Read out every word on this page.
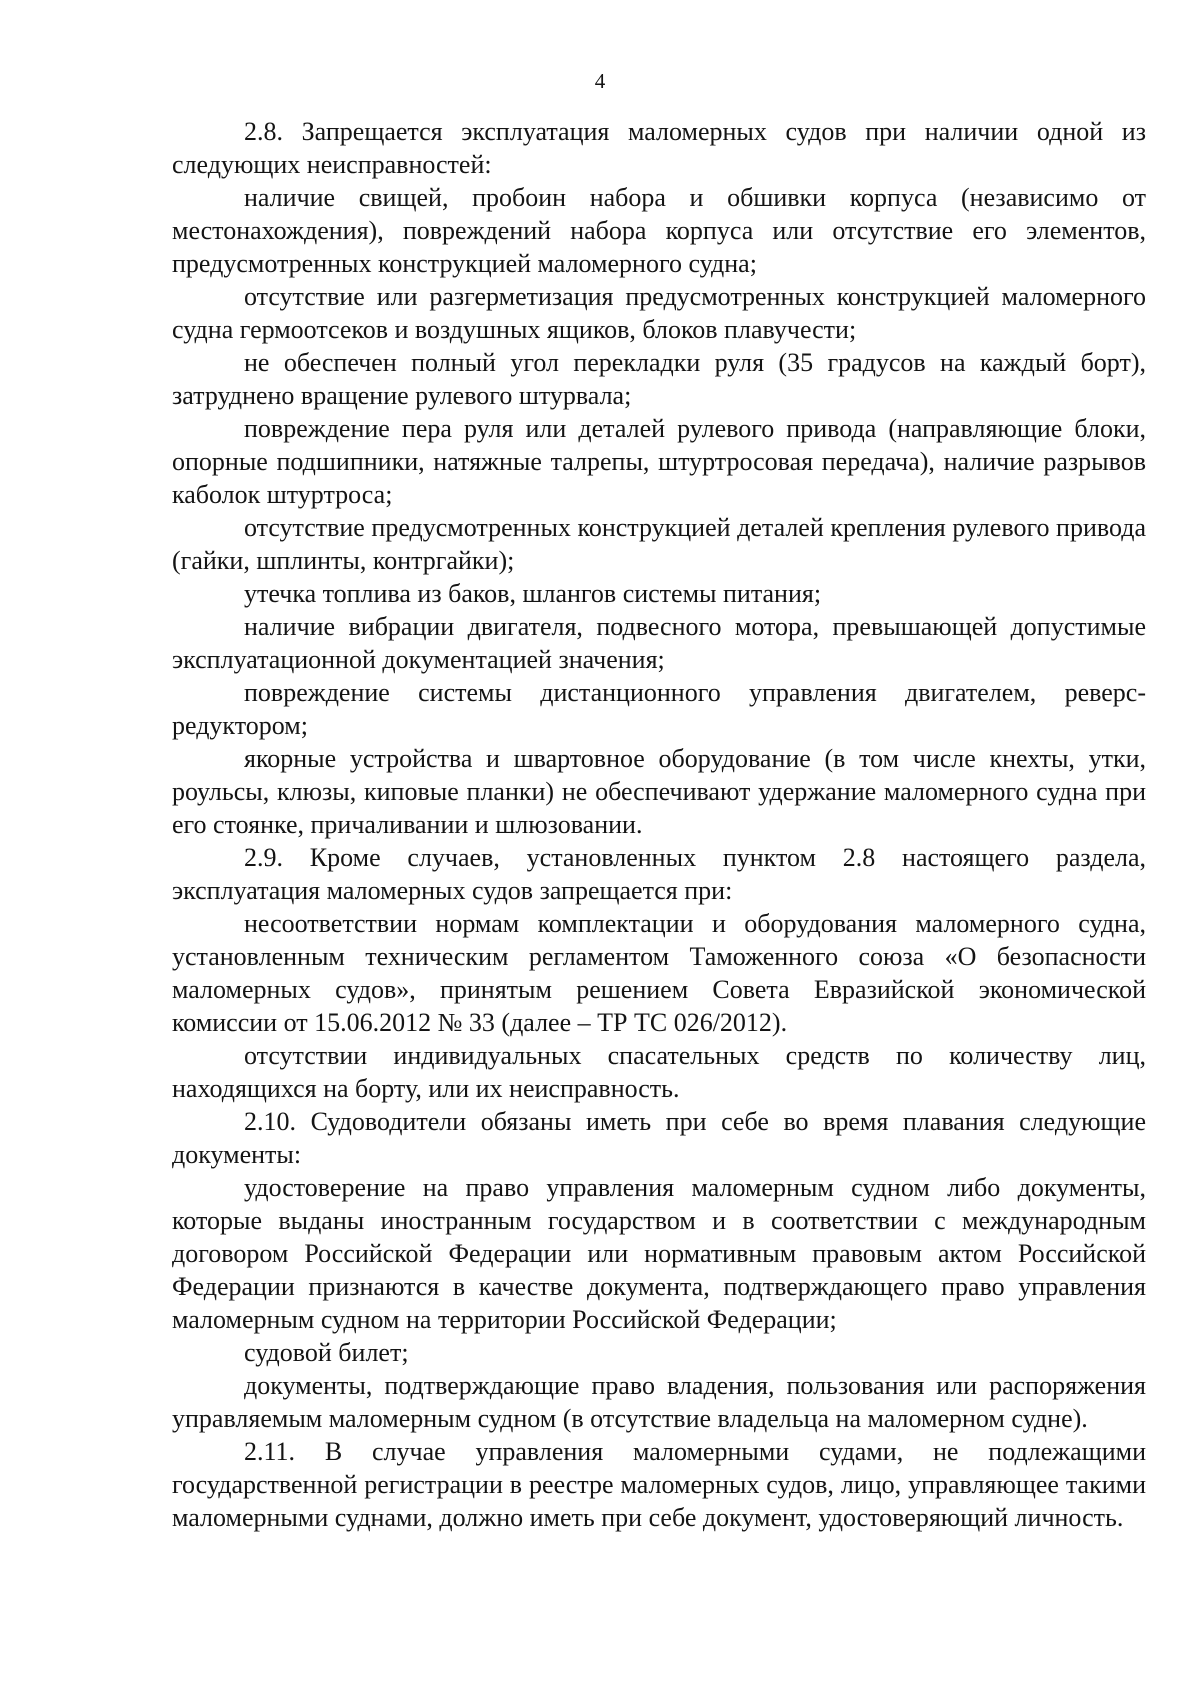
4

2.8. Запрещается эксплуатация маломерных судов при наличии одной из следующих неисправностей:

наличие свищей, пробоин набора и обшивки корпуса (независимо от местонахождения), повреждений набора корпуса или отсутствие его элементов, предусмотренных конструкцией маломерного судна;

отсутствие или разгерметизация предусмотренных конструкцией маломерного судна гермоотсеков и воздушных ящиков, блоков плавучести;

не обеспечен полный угол перекладки руля (35 градусов на каждый борт), затруднено вращение рулевого штурвала;

повреждение пера руля или деталей рулевого привода (направляющие блоки, опорные подшипники, натяжные талрепы, штуртросовая передача), наличие разрывов каболок штуртроса;

отсутствие предусмотренных конструкцией деталей крепления рулевого привода (гайки, шплинты, контргайки);

утечка топлива из баков, шлангов системы питания;

наличие вибрации двигателя, подвесного мотора, превышающей допустимые эксплуатационной документацией значения;

повреждение системы дистанционного управления двигателем, реверс-редуктором;

якорные устройства и швартовное оборудование (в том числе кнехты, утки, роульсы, клюзы, киповые планки) не обеспечивают удержание маломерного судна при его стоянке, причаливании и шлюзовании.

2.9. Кроме случаев, установленных пунктом 2.8 настоящего раздела, эксплуатация маломерных судов запрещается при:

несоответствии нормам комплектации и оборудования маломерного судна, установленным техническим регламентом Таможенного союза «О безопасности маломерных судов», принятым решением Совета Евразийской экономической комиссии от 15.06.2012 № 33 (далее – ТР ТС 026/2012).

отсутствии индивидуальных спасательных средств по количеству лиц, находящихся на борту, или их неисправность.

2.10. Судоводители обязаны иметь при себе во время плавания следующие документы:

удостоверение на право управления маломерным судном либо документы, которые выданы иностранным государством и в соответствии с международным договором Российской Федерации или нормативным правовым актом Российской Федерации признаются в качестве документа, подтверждающего право управления маломерным судном на территории Российской Федерации;

судовой билет;

документы, подтверждающие право владения, пользования или распоряжения управляемым маломерным судном (в отсутствие владельца на маломерном судне).

2.11. В случае управления маломерными судами, не подлежащими государственной регистрации в реестре маломерных судов, лицо, управляющее такими маломерными суднами, должно иметь при себе документ, удостоверяющий личность.
